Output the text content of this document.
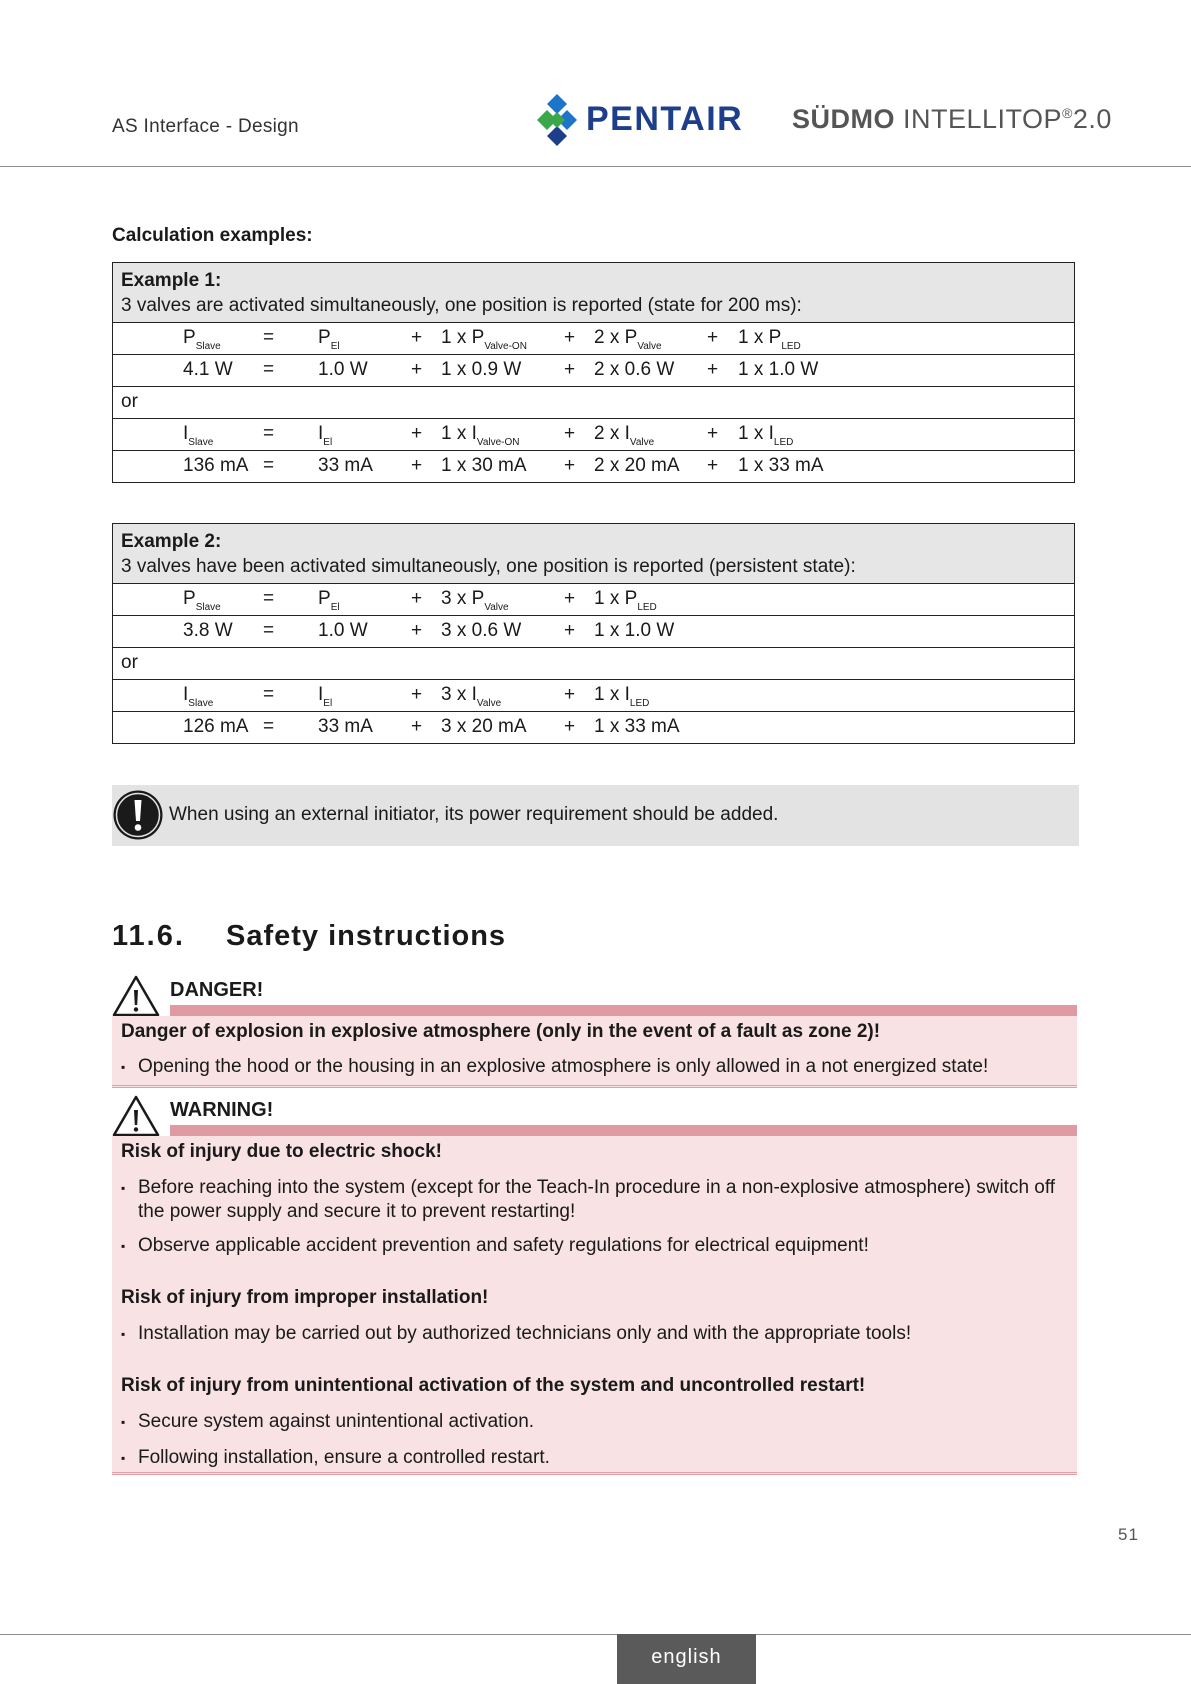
AS Interface - Design	PENTAIR SÜDMO INTELLITOP®2.0
Calculation examples:
Example 1:
3 valves are activated simultaneously, one position is reported (state for 200 ms):
$P_{Slave} = P_{El}$	+ 1 x $P_{Valve-ON} + 2$ x $P_{Valve} + 1$ x $P_{LED}$
4.1 W = 1.0 W + 1 x 0.9 W + 2 x 0.6 W + 1 x 1.0 W
or
$I_{Slave}$	= $I_{El}$	+ 1 x $I_{Valve-ON} + 2$ x $I_{Valve}$	+ 1 x $I_{LED}$
136 mA = 33 mA + 1 x 30 mA + 2 x 20 mA + 1 x 33 mA
Example 2:
3 valves have been activated simultaneously, one position is reported (persistent state):
$P_{Slave} = P_{El}$	+ 3 x $P_{Valve}$	+ 1 x $P_{LED}$
3.8 W = 1.0 W + 3 x 0.6 W + 1 x 1.0 W
or
$I_{Slave}$	= $I_{El}$	+ 3 x $I_{Valve}$	+ 1 x $I_{LED}$
126 mA = 33 mA + 3 x 20 mA + 1 x 33 mA
When using an external initiator, its power requirement should be added.
11.6. Safety instructions
DANGER!
Danger of explosion in explosive atmosphere (only in the event of a fault as zone 2)!
▪ Opening the hood or the housing in an explosive atmosphere is only allowed in a not energized state!
WARNING!
Risk of injury due to electric shock!
▪ Before reaching into the system (except for the Teach-In procedure in a non-explosive atmosphere) switch off
the power supply and secure it to prevent restarting!
▪ Observe applicable accident prevention and safety regulations for electrical equipment!
Risk of injury from improper installation!
▪ Installation may be carried out by authorized technicians only and with the appropriate tools!
Risk of injury from unintentional activation of the system and uncontrolled restart!
▪ Secure system against unintentional activation.
▪ Following installation, ensure a controlled restart.
51
english
